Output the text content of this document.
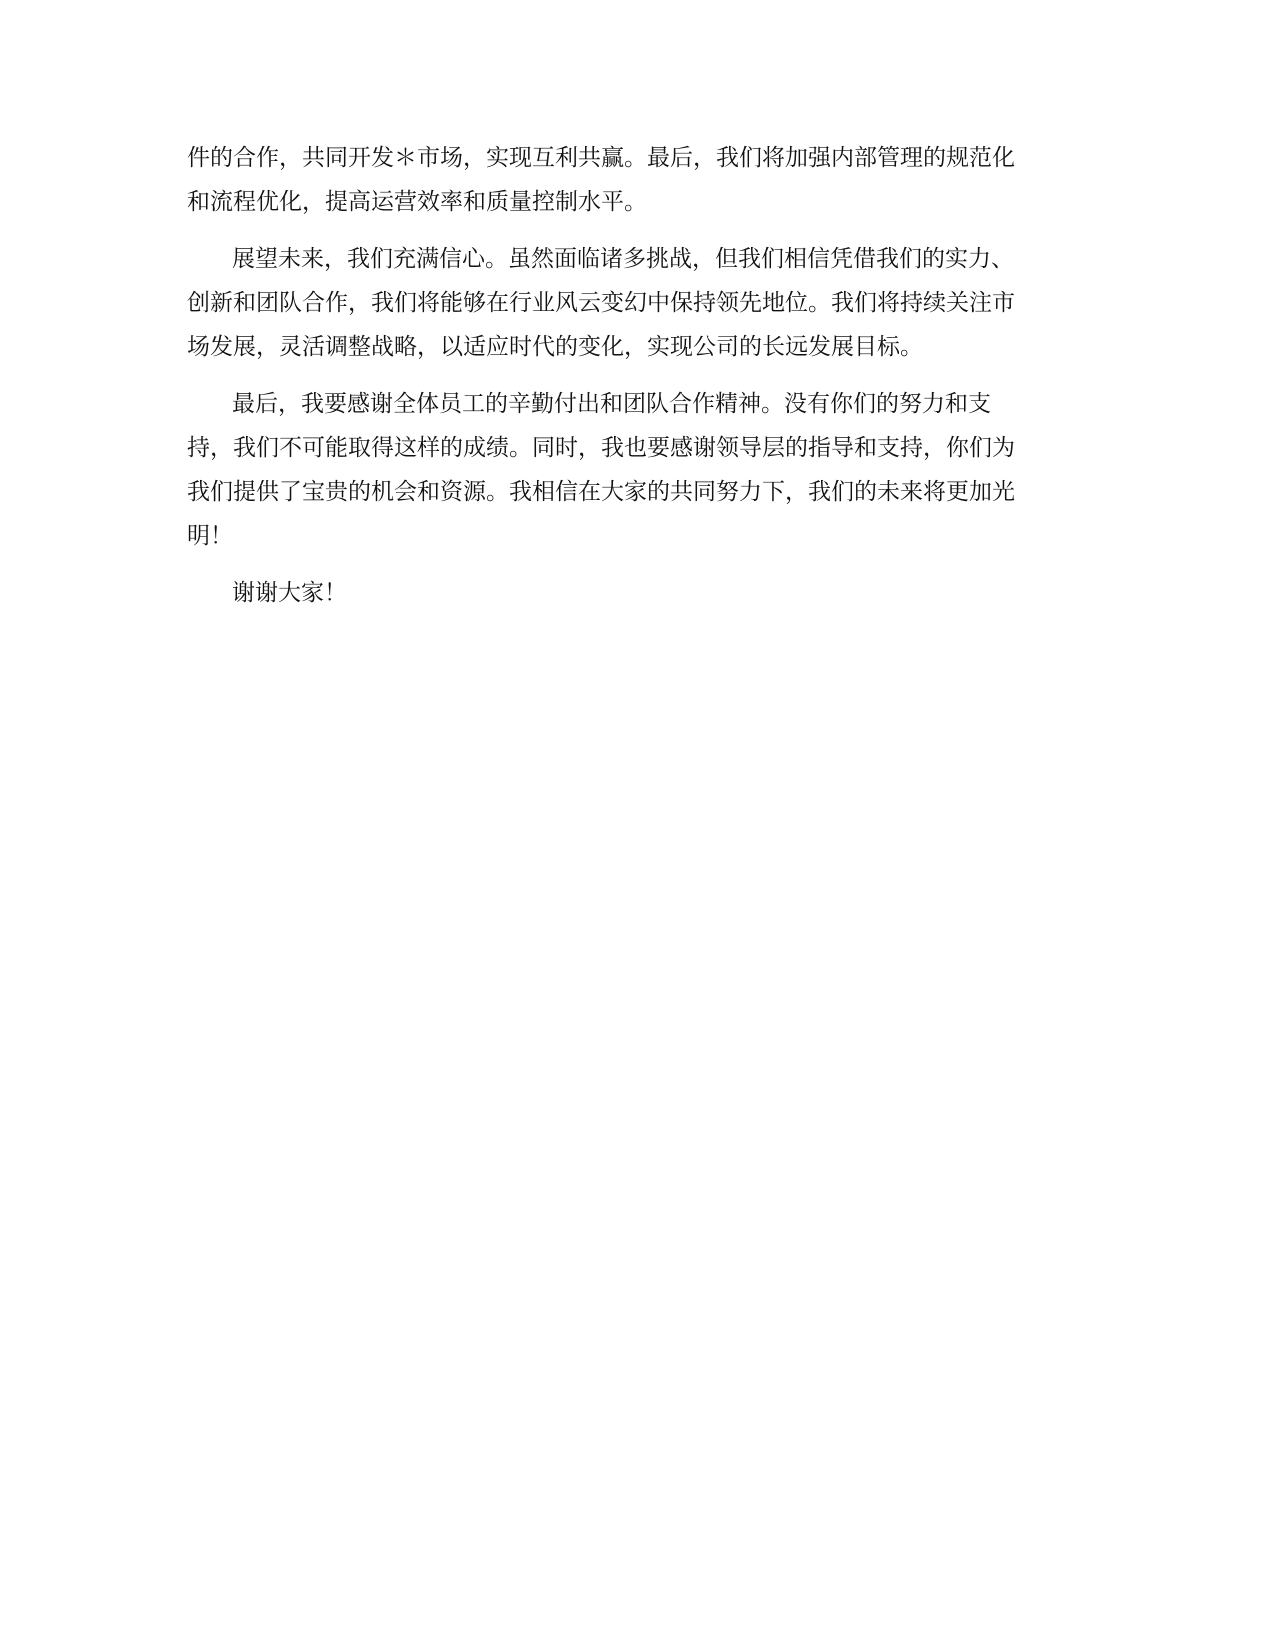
件的合作，共同开发＊市场，实现互利共赢。最后，我们将加强内部管理的规范化
和流程优化，提高运营效率和质量控制水平。

展望未来，我们充满信心。虽然面临诸多挑战，但我们相信凭借我们的实力、
创新和团队合作，我们将能够在行业风云变幻中保持领先地位。我们将持续关注市
场发展，灵活调整战略，以适应时代的变化，实现公司的长远发展目标。

最后，我要感谢全体员工的辛勤付出和团队合作精神。没有你们的努力和支
持，我们不可能取得这样的成绩。同时，我也要感谢领导层的指导和支持，你们为
我们提供了宝贵的机会和资源。我相信在大家的共同努力下，我们的未来将更加光
明！

谢谢大家！
